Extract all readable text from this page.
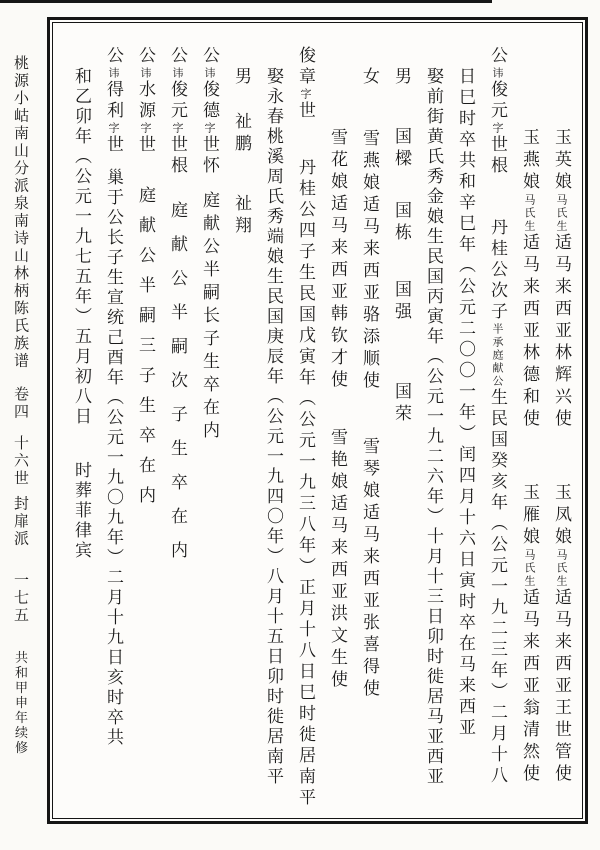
桃源小岵南山分派泉南诗山林柄陈氏族谱卷四十六世封扉派一七五共和甲申年续修
玉英娘马氏生适马来西亚林辉兴使玉凤娘马氏生适马来西亚王世管使
玉燕娘马氏生适马来西亚林德和使玉雁娘马氏生适马来西亚翁清然使
公讳俊元字世根丹桂公次子半承庭献公生民国癸亥年（公元一九二三年）二月十八
日巳时卒共和辛巳年（公元二〇〇一年）闰四月十六日寅时卒在马来西亚
娶前街黄氏秀金娘生民国丙寅年（公元一九二六年）十月十三日卯时徙居马亚西亚
男国樑国栋国强国荣
女雪燕娘适马来西亚骆添顺使雪琴娘适马来西亚张喜得使
雪花娘适马来西亚韩钦才使雪艳娘适马来西亚洪文生使
俊章字世丹桂公四子生民国戊寅年（公元一九三八年）正月十八日巳时徙居南平
娶永春桃溪周氏秀端娘生民国庚辰年（公元一九四〇年）八月十五日卯时徙居南平
男祉鹏祉翔
公讳俊德字世怀庭献公半嗣长子生卒在内
公讳俊元字世根庭献公半嗣次子生卒在内
公讳水源字世庭献公半嗣三子生卒在内
公讳得利字世巢于公长子生宣统己酉年（公元一九〇九年）二月十九日亥时卒共
和乙卯年（公元一九七五年）五月初八日时葬菲律宾
